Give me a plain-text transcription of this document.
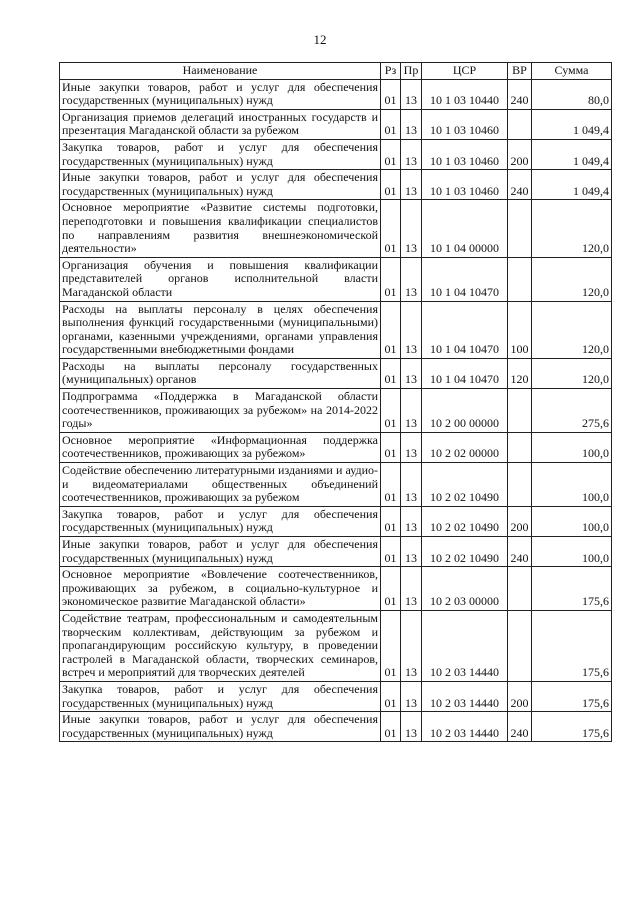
12
Наименование	Рз	Пр	ЦСР	ВР	Сумма
Иные закупки товаров, работ и услуг для обеспечения государственных (муниципальных) нужд	01	13	10 1 03 10440	240	80,0
Организация приемов делегаций иностранных государств и презентация Магаданской области за рубежом	01	13	10 1 03 10460		1 049,4
Закупка товаров, работ и услуг для обеспечения государственных (муниципальных) нужд	01	13	10 1 03 10460	200	1 049,4
Иные закупки товаров, работ и услуг для обеспечения государственных (муниципальных) нужд	01	13	10 1 03 10460	240	1 049,4
Основное мероприятие «Развитие системы подготовки, переподготовки и повышения квалификации специалистов по направлениям развития внешнеэкономической деятельности»	01	13	10 1 04 00000		120,0
Организация обучения и повышения квалификации представителей органов исполнительной власти Магаданской области	01	13	10 1 04 10470		120,0
Расходы на выплаты персоналу в целях обеспечения выполнения функций государственными (муниципальными) органами, казенными учреждениями, органами управления государственными внебюджетными фондами	01	13	10 1 04 10470	100	120,0
Расходы на выплаты персоналу государственных (муниципальных) органов	01	13	10 1 04 10470	120	120,0
Подпрограмма «Поддержка в Магаданской области соотечественников, проживающих за рубежом» на 2014-2022 годы»	01	13	10 2 00 00000		275,6
Основное мероприятие «Информационная поддержка соотечественников, проживающих за рубежом»	01	13	10 2 02 00000		100,0
Содействие обеспечению литературными изданиями и аудио- и видеоматериалами общественных объединений соотечественников, проживающих за рубежом	01	13	10 2 02 10490		100,0
Закупка товаров, работ и услуг для обеспечения государственных (муниципальных) нужд	01	13	10 2 02 10490	200	100,0
Иные закупки товаров, работ и услуг для обеспечения государственных (муниципальных) нужд	01	13	10 2 02 10490	240	100,0
Основное мероприятие «Вовлечение соотечественников, проживающих за рубежом, в социально-культурное и экономическое развитие Магаданской области»	01	13	10 2 03 00000		175,6
Содействие театрам, профессиональным и самодеятельным творческим коллективам, действующим за рубежом и пропагандирующим российскую культуру, в проведении гастролей в Магаданской области, творческих семинаров, встреч и мероприятий для творческих деятелей	01	13	10 2 03 14440		175,6
Закупка товаров, работ и услуг для обеспечения государственных (муниципальных) нужд	01	13	10 2 03 14440	200	175,6
Иные закупки товаров, работ и услуг для обеспечения государственных (муниципальных) нужд	01	13	10 2 03 14440	240	175,6
